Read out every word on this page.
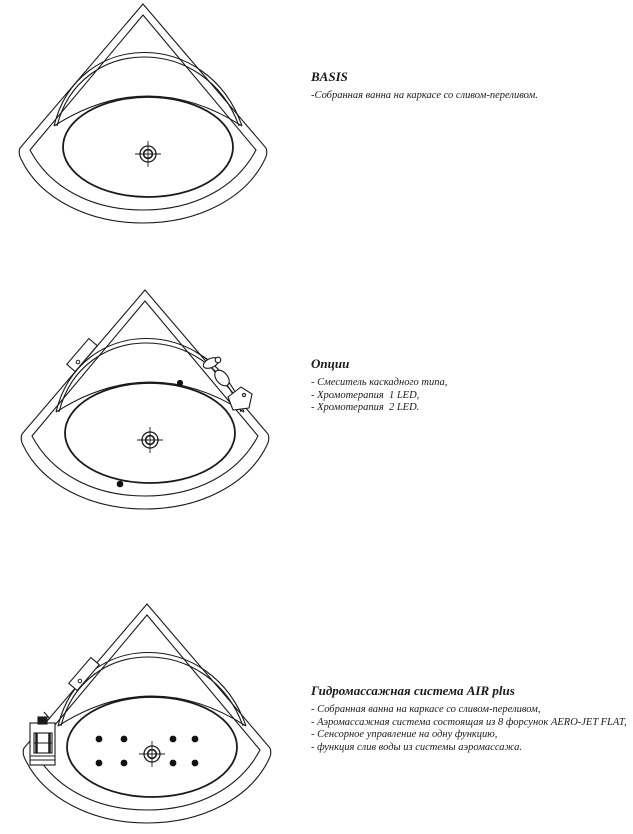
BASIS
-Собранная ванна на каркасе со сливом-переливом.
Опции
- Смеситель каскадного типа,
- Хромотерапия  1 LED,
- Хромотерапия  2 LED.
Гидромассажная система AIR plus
- Собранная ванна на каркасе со сливом-переливом,
- Аэромассажная система состоящая из 8 форсунок AERO-JET FLAT,
- Сенсорное управление на одну функцию,
- функция слив воды из системы аэромассажа.
